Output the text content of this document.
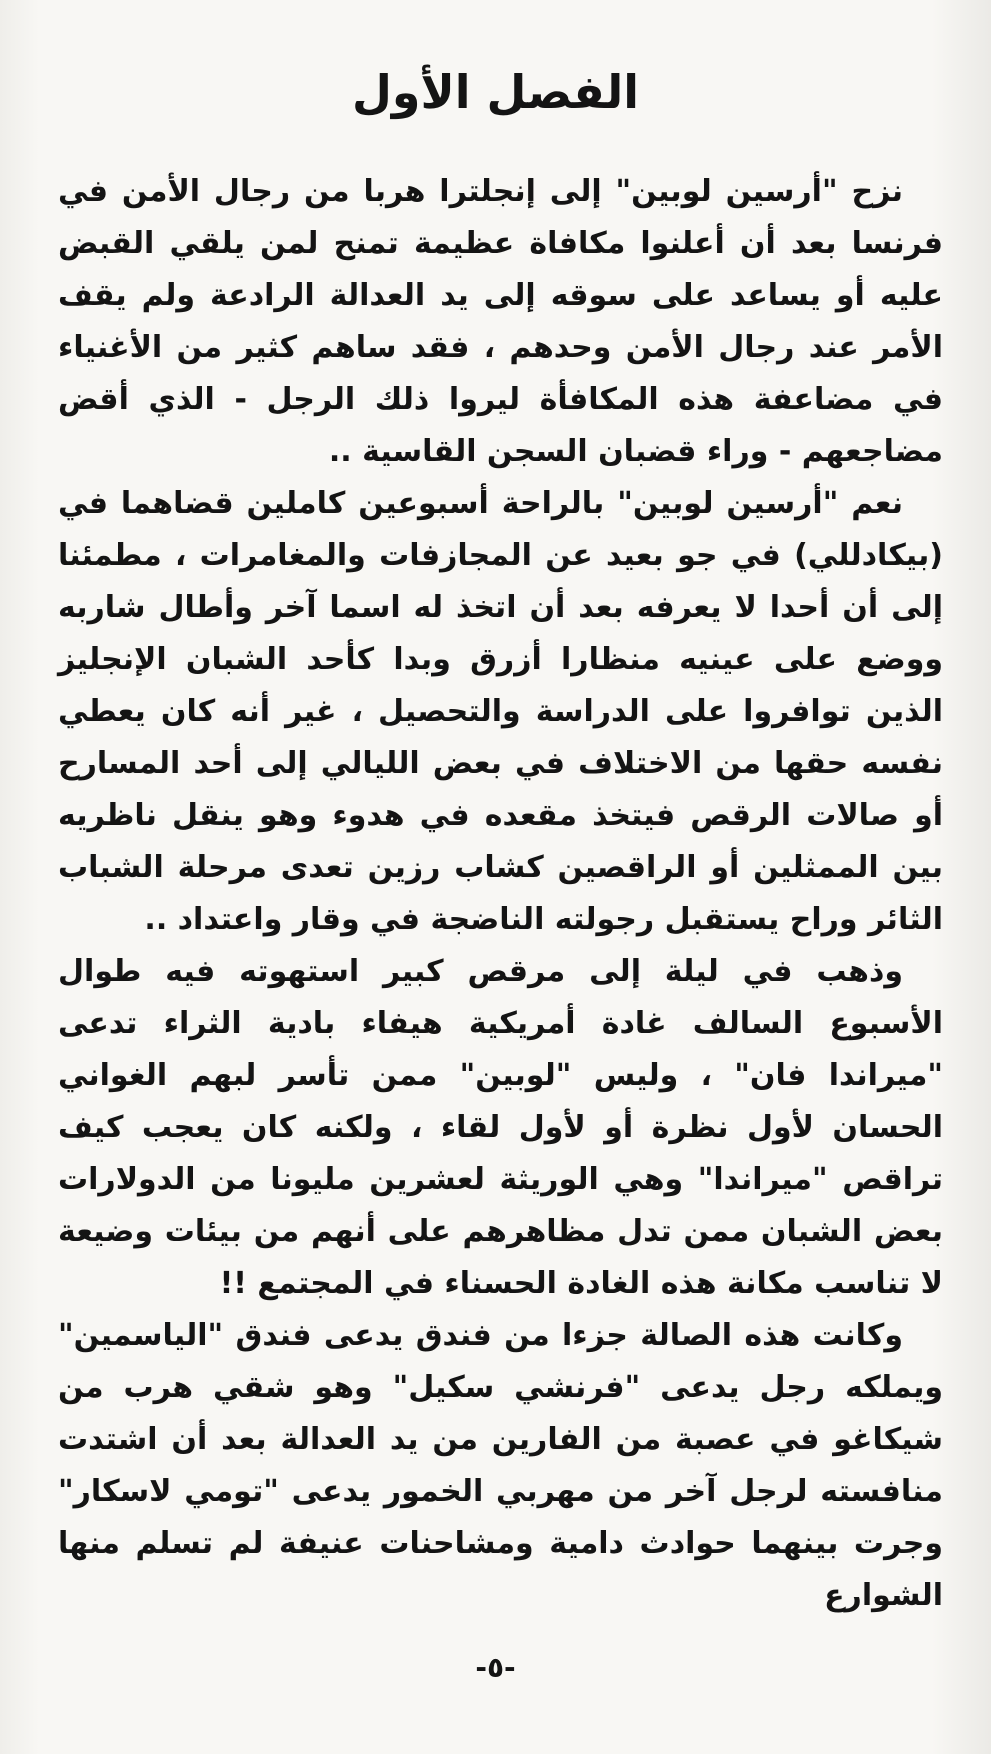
الفصل الأول

نزح "أرسين لوبين" إلى إنجلترا هربا من رجال الأمن في فرنسا بعد أن أعلنوا مكافاة عظيمة تمنح لمن يلقي القبض عليه أو يساعد على سوقه إلى يد العدالة الرادعة ولم يقف الأمر عند رجال الأمن وحدهم ، فقد ساهم كثير من الأغنياء في مضاعفة هذه المكافأة ليروا ذلك الرجل - الذي أقض مضاجعهم - وراء قضبان السجن القاسية ..

نعم "أرسين لوبين" بالراحة أسبوعين كاملين قضاهما في (بيكادللي) في جو بعيد عن المجازفات والمغامرات ، مطمئنا إلى أن أحدا لا يعرفه بعد أن اتخذ له اسما آخر وأطال شاربه ووضع على عينيه منظارا أزرق وبدا كأحد الشبان الإنجليز الذين توافروا على الدراسة والتحصيل ، غير أنه كان يعطي نفسه حقها من الاختلاف في بعض الليالي إلى أحد المسارح أو صالات الرقص فيتخذ مقعده في هدوء وهو ينقل ناظريه بين الممثلين أو الراقصين كشاب رزين تعدى مرحلة الشباب الثائر وراح يستقبل رجولته الناضجة في وقار واعتداد ..

وذهب في ليلة إلى مرقص كبير استهوته فيه طوال الأسبوع السالف غادة أمريكية هيفاء بادية الثراء تدعى "ميراندا فان" ، وليس "لوبين" ممن تأسر لبهم الغواني الحسان لأول نظرة أو لأول لقاء ، ولكنه كان يعجب كيف تراقص "ميراندا" وهي الوريثة لعشرين مليونا من الدولارات بعض الشبان ممن تدل مظاهرهم على أنهم من بيئات وضيعة لا تناسب مكانة هذه الغادة الحسناء في المجتمع !!

وكانت هذه الصالة جزءا من فندق يدعى فندق "الياسمين" ويملكه رجل يدعى "فرنشي سكيل" وهو شقي هرب من شيكاغو في عصبة من الفارين من يد العدالة بعد أن اشتدت منافسته لرجل آخر من مهربي الخمور يدعى "تومي لاسكار" وجرت بينهما حوادث دامية ومشاحنات عنيفة لم تسلم منها الشوارع

-٥-
